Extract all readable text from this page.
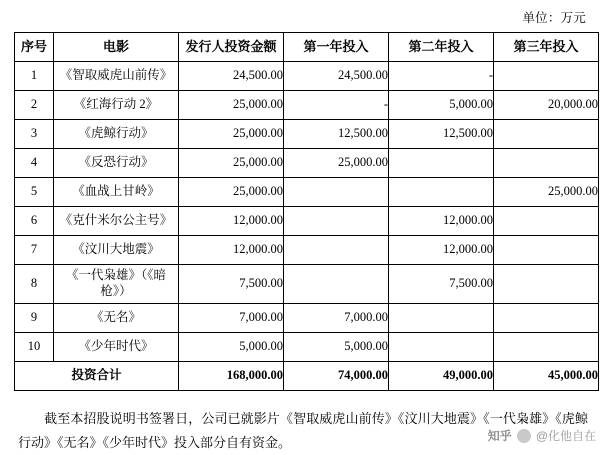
单位：万元
序号	电影	发行人投资金额	第一年投入	第二年投入	第三年投入
1	《智取威虎山前传》	24,500.00	24,500.00	-	
2	《红海行动 2》	25,000.00	-	5,000.00	20,000.00
3	《虎鲸行动》	25,000.00	12,500.00	12,500.00	
4	《反恐行动》	25,000.00	25,000.00		
5	《血战上甘岭》	25,000.00			25,000.00
6	《克什米尔公主号》	12,000.00		12,000.00	
7	《汶川大地震》	12,000.00		12,000.00	
8	《一代枭雄》（《暗枪》）	7,500.00		7,500.00	
9	《无名》	7,000.00	7,000.00		
10	《少年时代》	5,000.00	5,000.00		
投资合计		168,000.00	74,000.00	49,000.00	45,000.00
截至本招股说明书签署日，公司已就影片《智取威虎山前传》《汶川大地震》《一代枭雄》《虎鲸行动》《无名》《少年时代》投入部分自有资金。	知乎 @化他自在
